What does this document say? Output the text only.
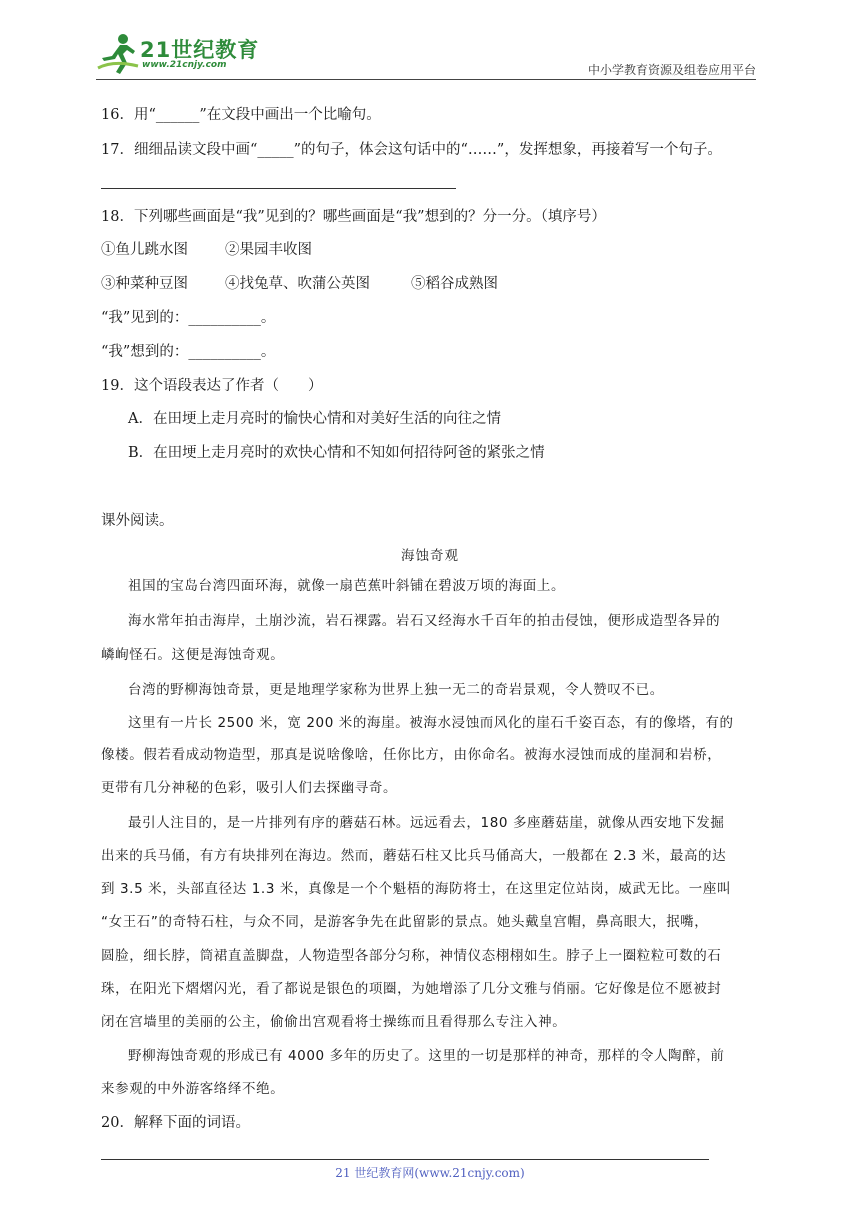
21世纪教育
www.21cnjy.com	中小学教育资源及组卷应用平台
16．用“______”在文段中画出一个比喻句。
17．细细品读文段中画“_____”的句子，体会这句话中的“……”，发挥想象，再接着写一个句子。
18．下列哪些画面是“我”见到的？哪些画面是“我”想到的？分一分。（填序号）
①鱼儿跳水图	②果园丰收图
③种菜种豆图	④找兔草、吹蒲公英图	⑤稻谷成熟图
“我”见到的：__________。
“我”想到的：__________。
19．这个语段表达了作者（　　）
A．在田埂上走月亮时的愉快心情和对美好生活的向往之情
B．在田埂上走月亮时的欢快心情和不知如何招待阿爸的紧张之情
课外阅读。
海蚀奇观
祖国的宝岛台湾四面环海，就像一扇芭蕉叶斜铺在碧波万顷的海面上。
海水常年拍击海岸，土崩沙流，岩石裸露。岩石又经海水千百年的拍击侵蚀，便形成造型各异的
嶙峋怪石。这便是海蚀奇观。
台湾的野柳海蚀奇景，更是地理学家称为世界上独一无二的奇岩景观，令人赞叹不已。
这里有一片长 2500 米，宽 200 米的海崖。被海水浸蚀而风化的崖石千姿百态，有的像塔，有的
像楼。假若看成动物造型，那真是说啥像啥，任你比方，由你命名。被海水浸蚀而成的崖洞和岩桥，
更带有几分神秘的色彩，吸引人们去探幽寻奇。
最引人注目的，是一片排列有序的蘑菇石林。远远看去，180 多座蘑菇崖，就像从西安地下发掘
出来的兵马俑，有方有块排列在海边。然而，蘑菇石柱又比兵马俑高大，一般都在 2.3 米，最高的达
到 3.5 米，头部直径达 1.3 米，真像是一个个魁梧的海防将士，在这里定位站岗，威武无比。一座叫
“女王石”的奇特石柱，与众不同，是游客争先在此留影的景点。她头戴皇宫帽，鼻高眼大，抿嘴，
圆脸，细长脖，筒裙直盖脚盘，人物造型各部分匀称，神情仪态栩栩如生。脖子上一圈粒粒可数的石
珠，在阳光下熠熠闪光，看了都说是银色的项圈，为她增添了几分文雅与俏丽。它好像是位不愿被封
闭在宫墙里的美丽的公主，偷偷出宫观看将士操练而且看得那么专注入神。
野柳海蚀奇观的形成已有 4000 多年的历史了。这里的一切是那样的神奇，那样的令人陶醉，前
来参观的中外游客络绎不绝。
20．解释下面的词语。
21 世纪教育网(www.21cnjy.com)
